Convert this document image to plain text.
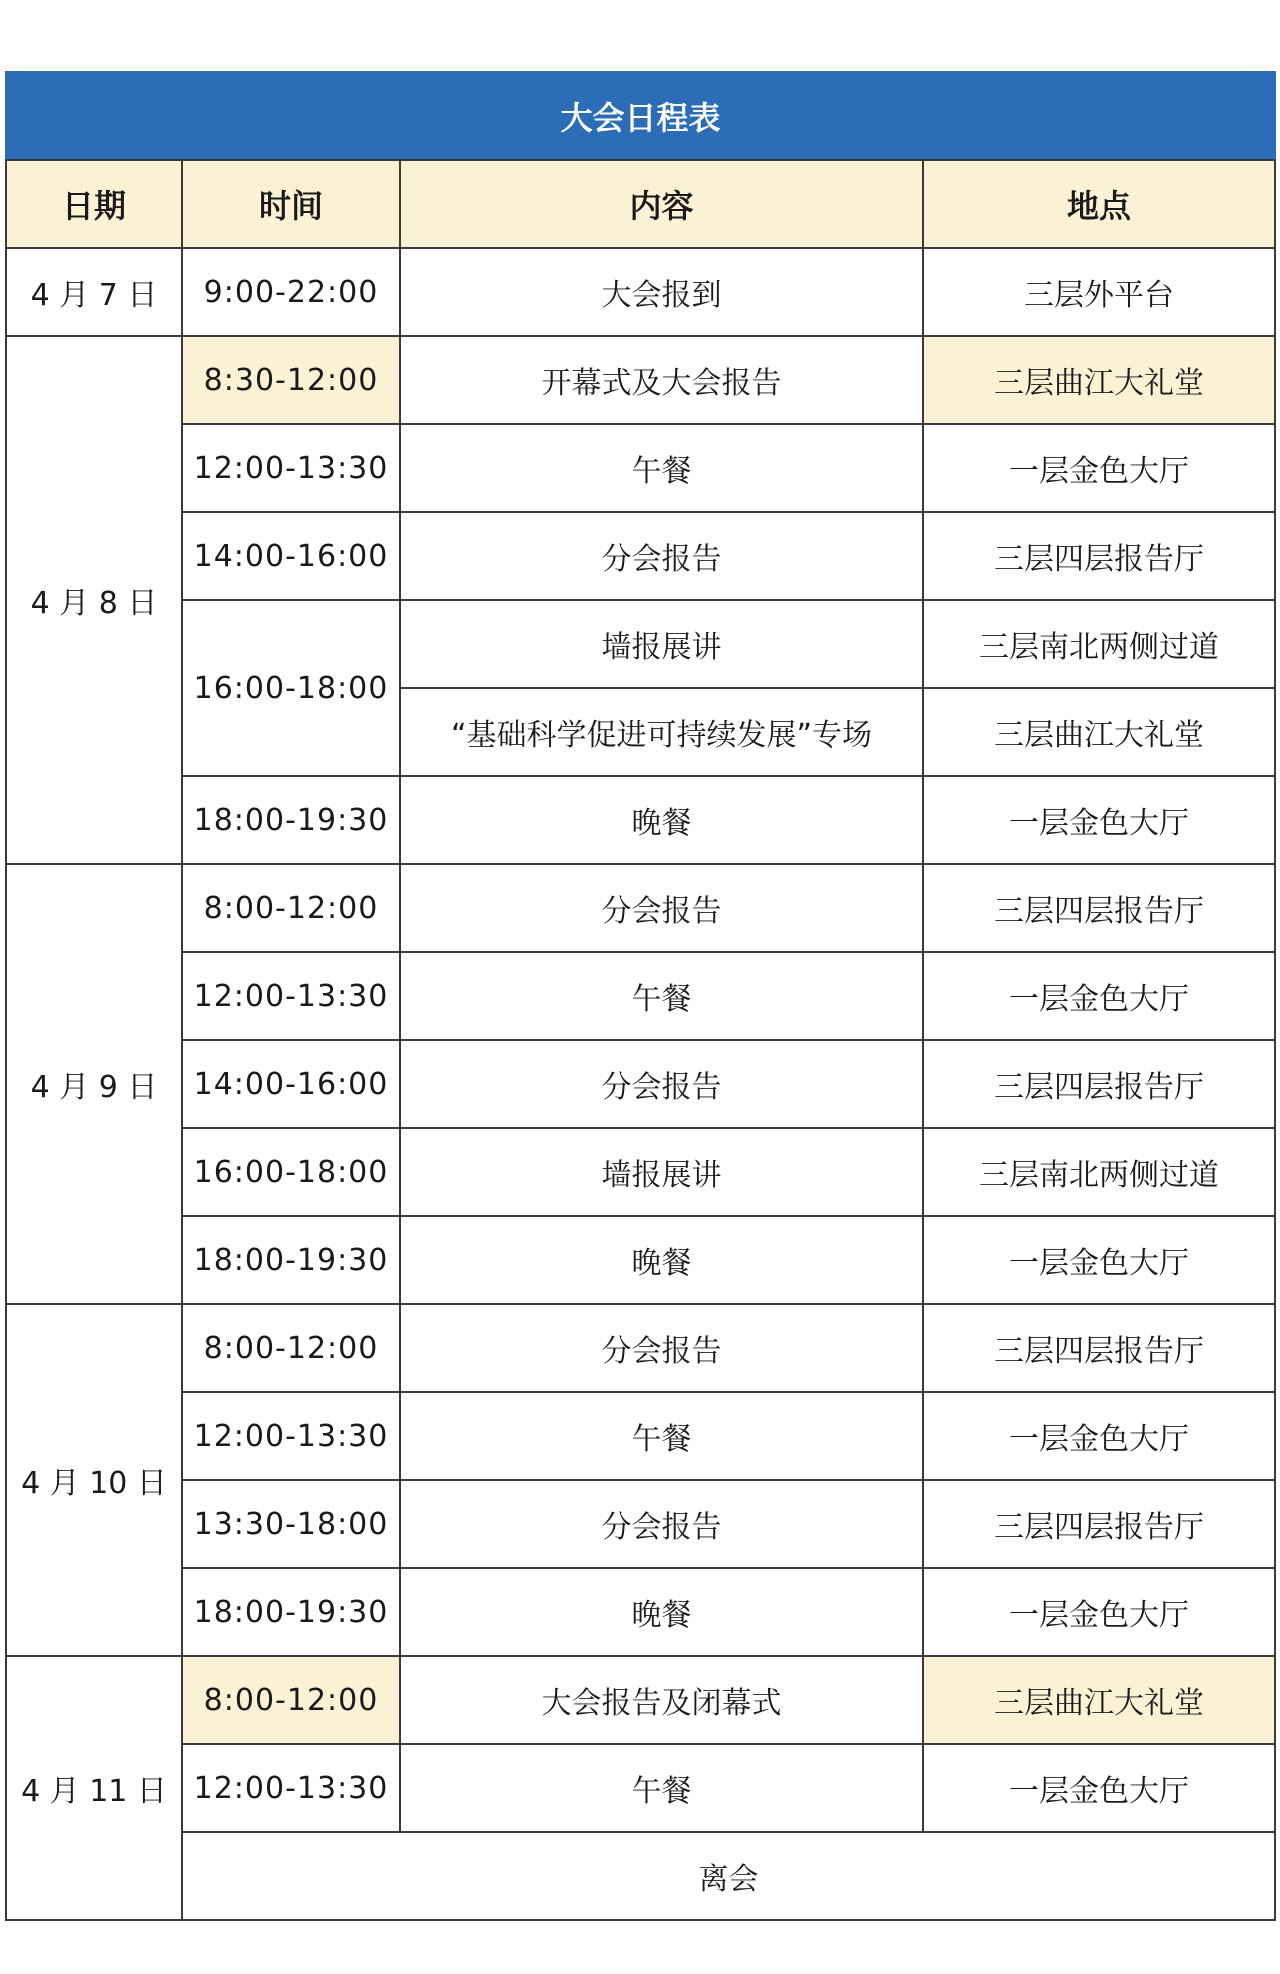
大会日程表			
日期	时间	内容	地点
4 月 7 日	9:00-22:00	大会报到	三层外平台
4 月 8 日	8:30-12:00	开幕式及大会报告	三层曲江大礼堂
	12:00-13:30	午餐	一层金色大厅
	14:00-16:00	分会报告	三层四层报告厅
	16:00-18:00	墙报展讲	三层南北两侧过道
		“基础科学促进可持续发展”专场	三层曲江大礼堂
	18:00-19:30	晚餐	一层金色大厅
4 月 9 日	8:00-12:00	分会报告	三层四层报告厅
	12:00-13:30	午餐	一层金色大厅
	14:00-16:00	分会报告	三层四层报告厅
	16:00-18:00	墙报展讲	三层南北两侧过道
	18:00-19:30	晚餐	一层金色大厅
4 月 10 日	8:00-12:00	分会报告	三层四层报告厅
	12:00-13:30	午餐	一层金色大厅
	13:30-18:00	分会报告	三层四层报告厅
	18:00-19:30	晚餐	一层金色大厅
4 月 11 日	8:00-12:00	大会报告及闭幕式	三层曲江大礼堂
	12:00-13:30	午餐	一层金色大厅
	离会		
